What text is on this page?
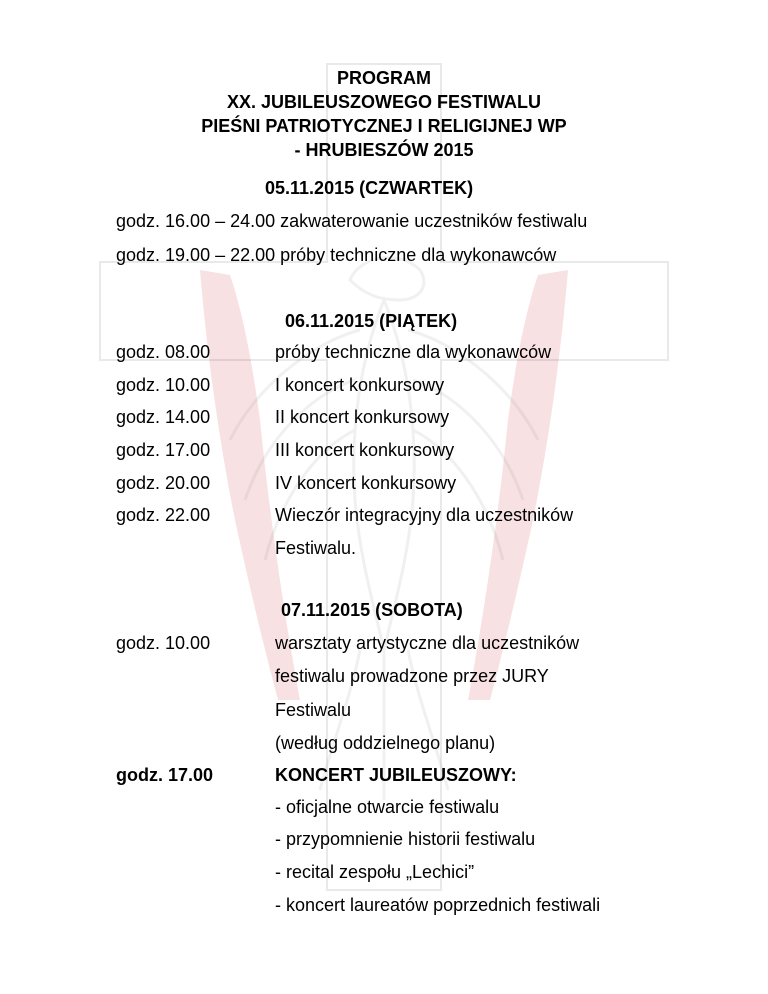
PROGRAM
XX. JUBILEUSZOWEGO FESTIWALU
PIEŚNI PATRIOTYCZNEJ I RELIGIJNEJ WP
- HRUBIESZÓW 2015
05.11.2015 (CZWARTEK)
godz. 16.00 – 24.00 zakwaterowanie uczestników festiwalu
godz. 19.00 – 22.00 próby techniczne dla wykonawców
06.11.2015 (PIĄTEK)
godz. 08.00	próby techniczne dla wykonawców
godz. 10.00	I koncert konkursowy
godz. 14.00	II koncert konkursowy
godz. 17.00	III koncert konkursowy
godz. 20.00	IV koncert konkursowy
godz. 22.00	Wieczór integracyjny dla uczestników
Festiwalu.
07.11.2015 (SOBOTA)
godz. 10.00	warsztaty artystyczne dla uczestników
festiwalu prowadzone przez JURY
Festiwalu
(według oddzielnego planu)
godz. 17.00	KONCERT JUBILEUSZOWY:
- oficjalne otwarcie festiwalu
- przypomnienie historii festiwalu
- recital zespołu „Lechici”
- koncert laureatów poprzednich festiwali
